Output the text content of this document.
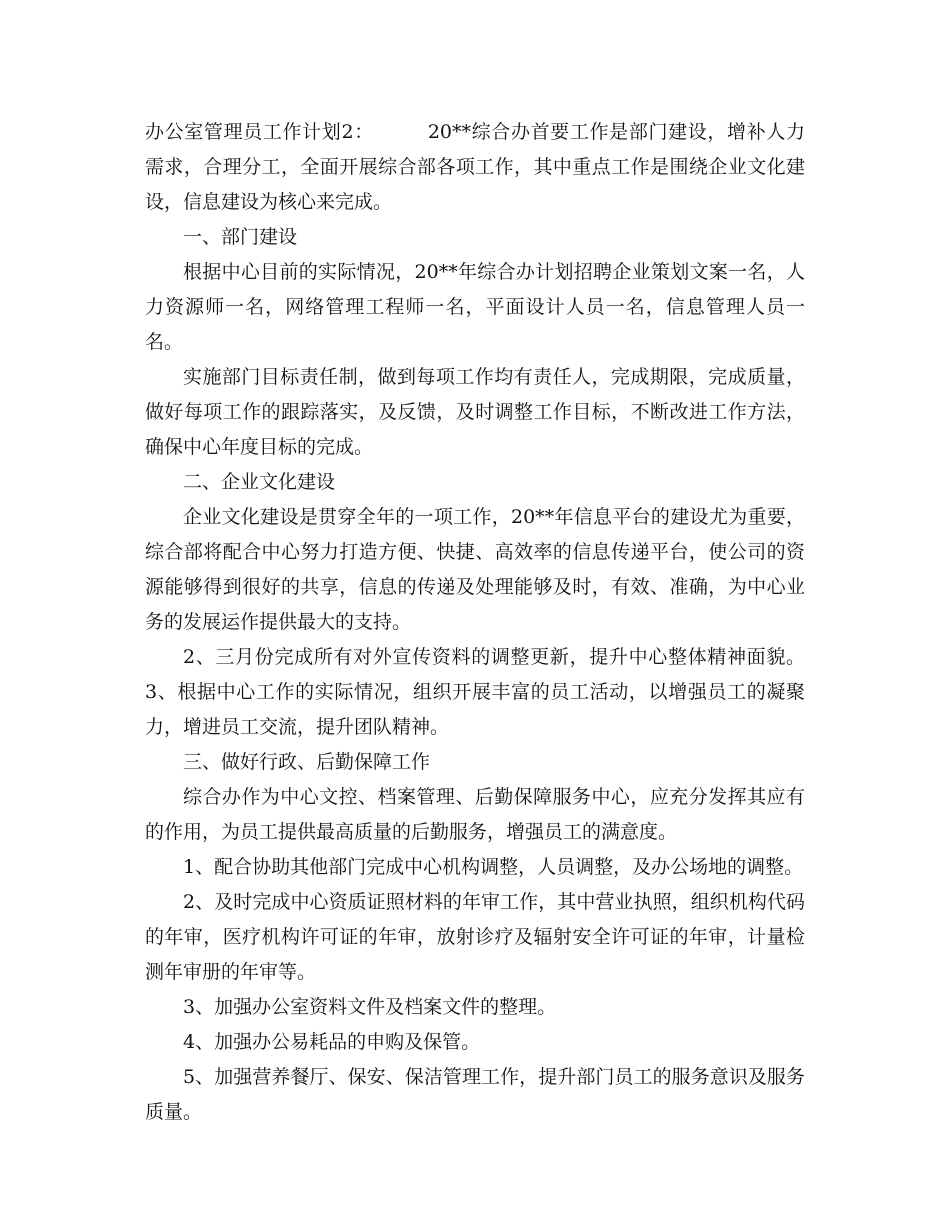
办公室管理员工作计划2：	20**综合办首要工作是部门建设，增补人力需求，合理分工，全面开展综合部各项工作，其中重点工作是围绕企业文化建设，信息建设为核心来完成。

一、部门建设

根据中心目前的实际情况，20**年综合办计划招聘企业策划文案一名，人力资源师一名，网络管理工程师一名，平面设计人员一名，信息管理人员一名。

实施部门目标责任制，做到每项工作均有责任人，完成期限，完成质量，做好每项工作的跟踪落实，及反馈，及时调整工作目标，不断改进工作方法，确保中心年度目标的完成。

二、企业文化建设

企业文化建设是贯穿全年的一项工作，20**年信息平台的建设尤为重要，综合部将配合中心努力打造方便、快捷、高效率的信息传递平台，使公司的资源能够得到很好的共享，信息的传递及处理能够及时，有效、准确，为中心业务的发展运作提供最大的支持。

2、三月份完成所有对外宣传资料的调整更新，提升中心整体精神面貌。3、根据中心工作的实际情况，组织开展丰富的员工活动，以增强员工的凝聚力，增进员工交流，提升团队精神。

三、做好行政、后勤保障工作

综合办作为中心文控、档案管理、后勤保障服务中心，应充分发挥其应有的作用，为员工提供最高质量的后勤服务，增强员工的满意度。

1、配合协助其他部门完成中心机构调整，人员调整，及办公场地的调整。

2、及时完成中心资质证照材料的年审工作，其中营业执照，组织机构代码的年审，医疗机构许可证的年审，放射诊疗及辐射安全许可证的年审，计量检测年审册的年审等。

3、加强办公室资料文件及档案文件的整理。

4、加强办公易耗品的申购及保管。

5、加强营养餐厅、保安、保洁管理工作，提升部门员工的服务意识及服务质量。
